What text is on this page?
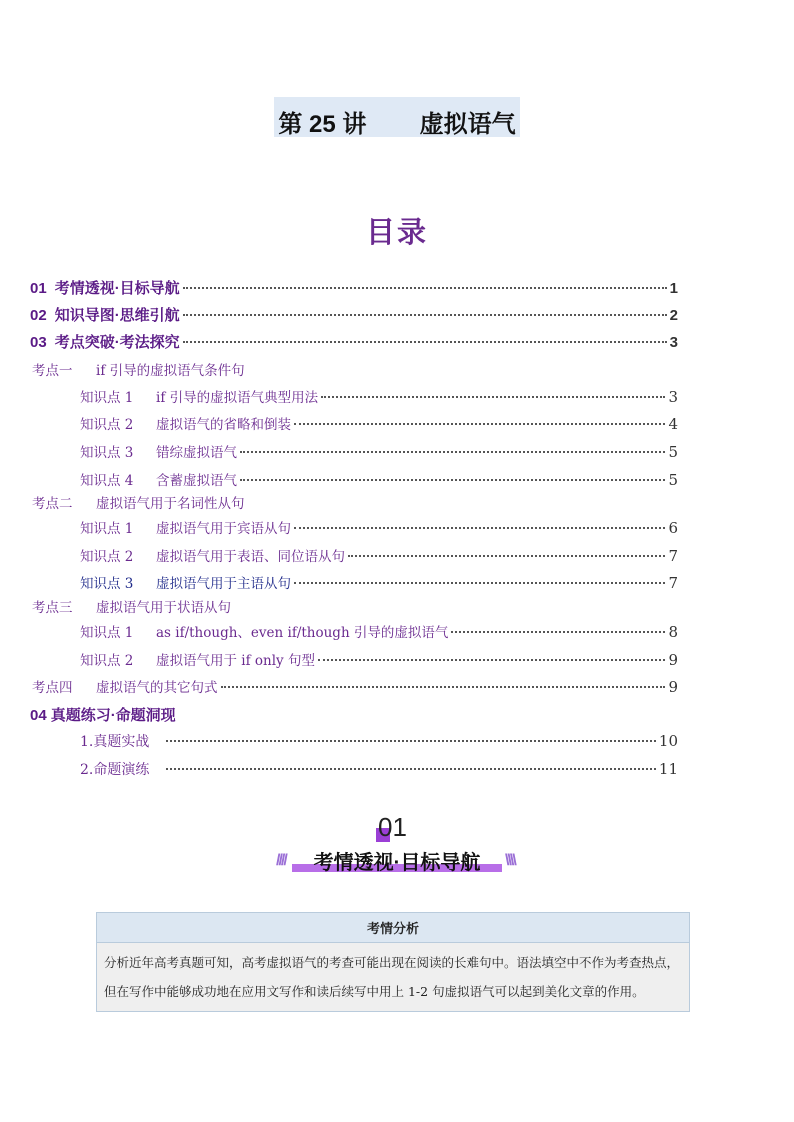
第 25 讲        虚拟语气
目录
01 考情透视·目标导航	1
02 知识导图·思维引航	2
03 考点突破·考法探究	3
考点一 if 引导的虚拟语气条件句
知识点 1 if 引导的虚拟语气典型用法	3
知识点 2 虚拟语气的省略和倒装	4
知识点 3 错综虚拟语气	5
知识点 4 含蓄虚拟语气	5
考点二 虚拟语气用于名词性从句
知识点 1 虚拟语气用于宾语从句	6
知识点 2 虚拟语气用于表语、同位语从句	7
知识点 3 虚拟语气用于主语从句	7
考点三 虚拟语气用于状语从句
知识点 1 as if/though、even if/though 引导的虚拟语气	8
知识点 2 虚拟语气用于 if only 句型	9
考点四 虚拟语气的其它句式	9
04 真题练习·命题洞现
1.真题实战	10
2.命题演练	11
01
////	\\\\
考情透视·目标导航
考情分析
分析近年高考真题可知，高考虚拟语气的考查可能出现在阅读的长难句中。语法填空中不作为考查热点，但在写作中能够成功地在应用文写作和读后续写中用上 1-2 句虚拟语气可以起到美化文章的作用。
